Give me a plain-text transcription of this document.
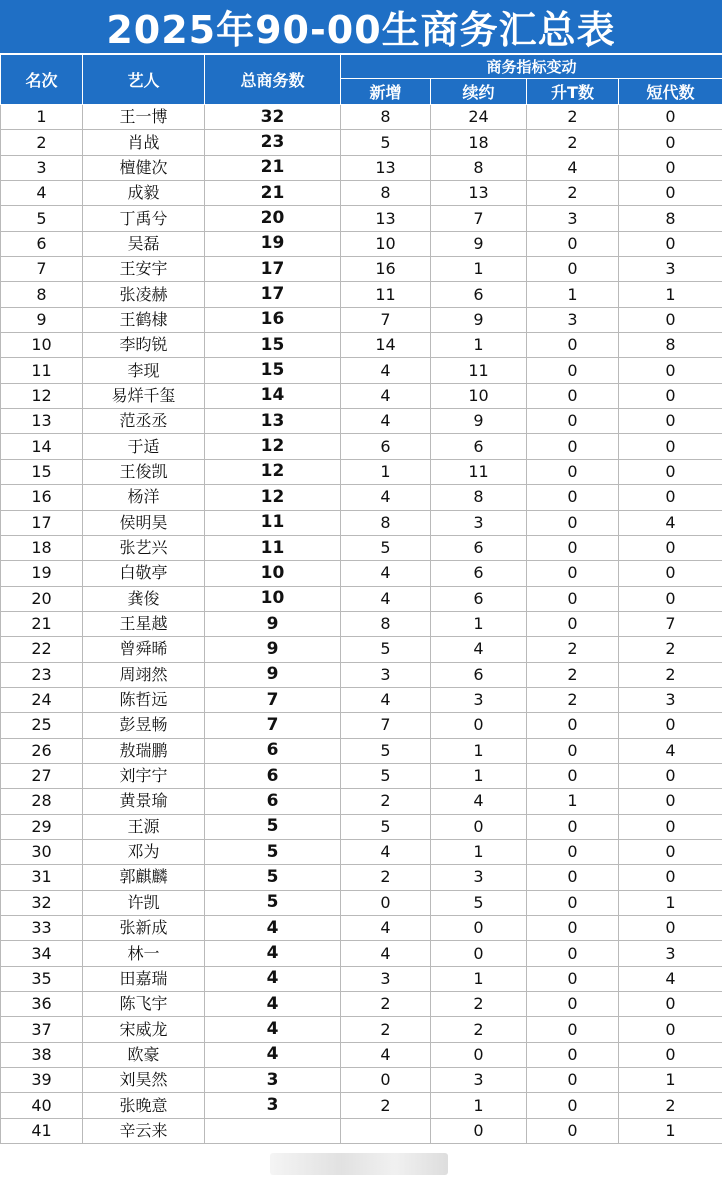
2025年90-00生商务汇总表
名次	艺人	总商务数	商务指标变动			
			新增	续约	升T数	短代数
1	王一博	32	8	24	2	0
2	肖战	23	5	18	2	0
3	檀健次	21	13	8	4	0
4	成毅	21	8	13	2	0
5	丁禹兮	20	13	7	3	8
6	吴磊	19	10	9	0	0
7	王安宇	17	16	1	0	3
8	张凌赫	17	11	6	1	1
9	王鹤棣	16	7	9	3	0
10	李昀锐	15	14	1	0	8
11	李现	15	4	11	0	0
12	易烊千玺	14	4	10	0	0
13	范丞丞	13	4	9	0	0
14	于适	12	6	6	0	0
15	王俊凯	12	1	11	0	0
16	杨洋	12	4	8	0	0
17	侯明昊	11	8	3	0	4
18	张艺兴	11	5	6	0	0
19	白敬亭	10	4	6	0	0
20	龚俊	10	4	6	0	0
21	王星越	9	8	1	0	7
22	曾舜晞	9	5	4	2	2
23	周翊然	9	3	6	2	2
24	陈哲远	7	4	3	2	3
25	彭昱畅	7	7	0	0	0
26	敖瑞鹏	6	5	1	0	4
27	刘宇宁	6	5	1	0	0
28	黄景瑜	6	2	4	1	0
29	王源	5	5	0	0	0
30	邓为	5	4	1	0	0
31	郭麒麟	5	2	3	0	0
32	许凯	5	0	5	0	1
33	张新成	4	4	0	0	0
34	林一	4	4	0	0	3
35	田嘉瑞	4	3	1	0	4
36	陈飞宇	4	2	2	0	0
37	宋威龙	4	2	2	0	0
38	欧豪	4	4	0	0	0
39	刘昊然	3	0	3	0	1
40	张晚意	3	2	1	0	2
41	辛云来			0	0	1
